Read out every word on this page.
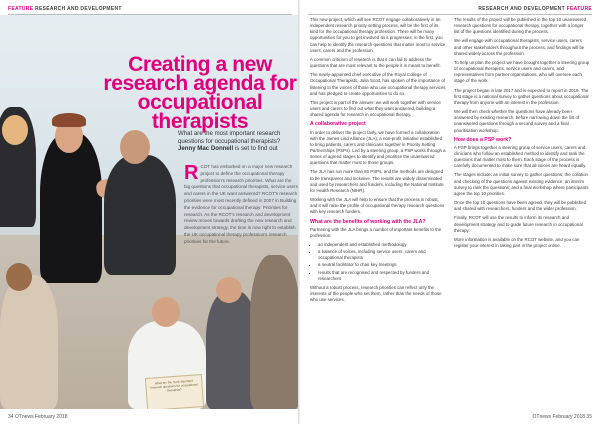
FEATURE RESEARCH AND DEVELOPMENT
What are the most important research questions for occupational therapists?
Creating a new research agenda for occupational therapists
What are the most important research questions for occupational therapists? Jenny Mac Donnell is set to find out
R COT has embarked on a major new research project to define the occupational therapy profession's research priorities. What are the big questions that occupational therapists, service users and carers in the UK want answered? RCOT's research priorities were most recently defined in 2007 in Building the evidence for occupational therapy: Priorities for research. As the RCOT's research and development review moves towards drafting the new research and development strategy, the time is now right to establish the UK occupational therapy profession's research priorities for the future.
34 OTnews February 2018
RESEARCH AND DEVELOPMENT FEATURE

This new project, which will see RCOT engage collaboratively in an independent research priority setting process, will be the first of its kind for the occupational therapy profession. There will be many opportunities for you to get involved as it progresses; in the first, you can help to identify the research questions that matter most to service users, carers and the profession.

A common criticism of research is that it can fail to address the questions that are most relevant to the people it is meant to benefit.

The newly-appointed chief executive of the Royal College of Occupational Therapists, Julia Scott, has spoken of the importance of listening to the voices of those who use occupational therapy services and has pledged to create opportunities to do so.

This project is part of the answer: we will work together with service users and carers to find out what they want answered, building a shared agenda for research in occupational therapy.

A collaborative project

In order to deliver the project fairly, we have formed a collaboration with the James Lind Alliance (JLA), a non-profit initiative established to bring patients, carers and clinicians together in Priority Setting Partnerships (PSPs). Led by a steering group, a PSP works through a series of agreed stages to identify and prioritise the unanswered questions that matter most to those groups.

The JLA has run more than 80 PSPs, and the methods are designed to be transparent and inclusive. The results are widely disseminated and used by researchers and funders, including the National Institute for Health Research (NIHR).

Working with the JLA will help to ensure that the process is robust, and it will raise the profile of occupational therapy research questions with key research funders.

What are the benefits of working with the JLA?

Partnering with the JLA brings a number of important benefits to the profession:

• an independent and established methodology
• a balance of voices, including service users, carers and occupational therapists
• a neutral facilitator to chair key meetings
• results that are recognised and respected by funders and researchers

Without a robust process, research priorities can reflect only the interests of the people who set them, rather than the needs of those who use services.

The results of the project will be published in the top 10 unanswered research questions for occupational therapy, together with a longer list of the questions identified during the process.

We will engage with occupational therapists, service users, carers and other stakeholders throughout the process, and findings will be shared widely across the profession.

To help us plan the project we have brought together a steering group of occupational therapists, service users and carers, and representatives from partner organisations, who will oversee each stage of the work.

The project began in late 2017 and is expected to report in 2019. The first stage is a national survey to gather questions about occupational therapy from anyone with an interest in the profession.

We will then check whether the questions have already been answered by existing research, before narrowing down the list of unanswered questions through a second survey and a final prioritisation workshop.

How does a PSP work?

A PSP brings together a steering group of service users, carers and clinicians who follow an established method to identify and rank the questions that matter most to them. Each stage of the process is carefully documented to make sure that all voices are heard equally.

The stages include: an initial survey to gather questions; the collation and checking of the questions against existing evidence; an interim survey to rank the questions; and a final workshop where participants agree the top 10 priorities.

Once the top 10 questions have been agreed, they will be published and shared with researchers, funders and the wider profession.

Finally, RCOT will use the results to inform its research and development strategy and to guide future research in occupational therapy.

More information is available on the RCOT website, and you can register your interest in taking part in the project online.

OTnews February 2018 35
